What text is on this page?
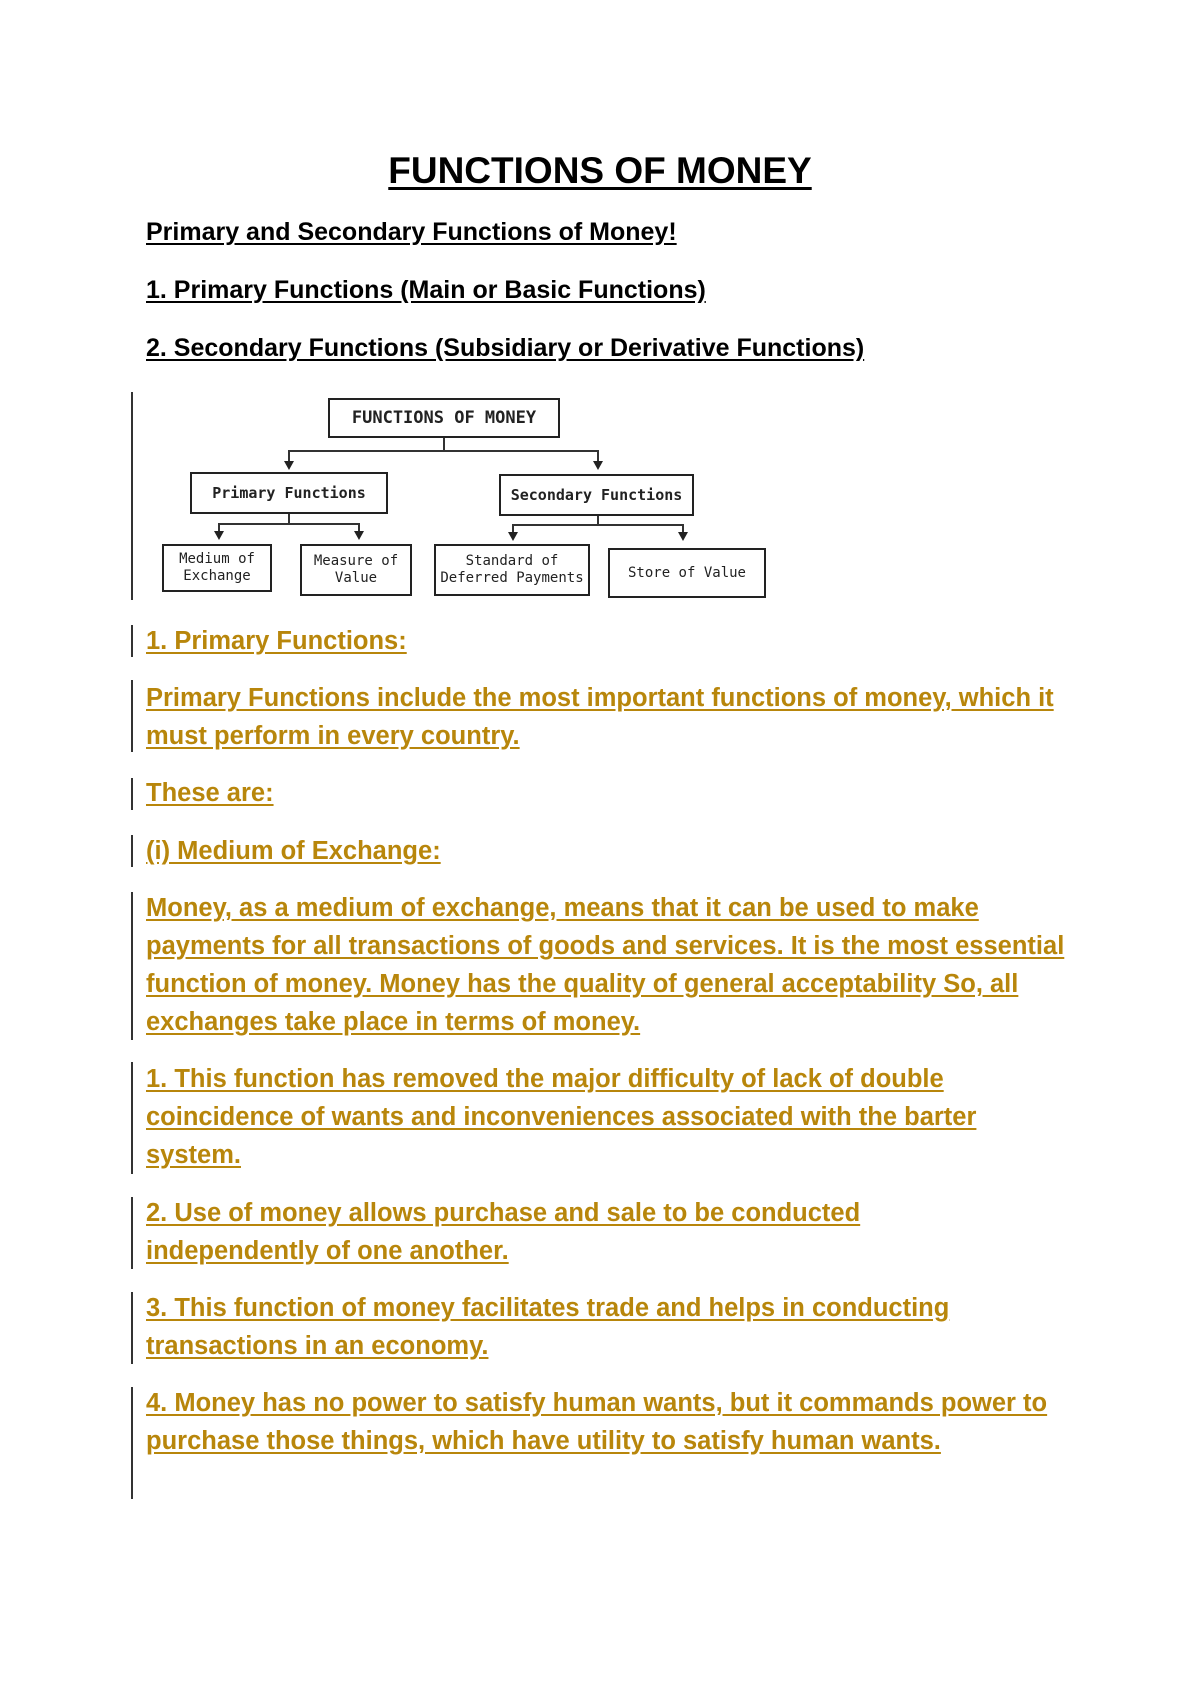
FUNCTIONS OF MONEY
Primary and Secondary Functions of Money!
1. Primary Functions (Main or Basic Functions)
2. Secondary Functions (Subsidiary or Derivative Functions)
FUNCTIONS OF MONEY
Primary Functions	Secondary Functions
Medium of
Exchange
Measure of
Value
Standard of
Deferred Payments	Store of Value
1. Primary Functions:
Primary Functions include the most important functions of money, which it must perform in every country.
These are:
(i) Medium of Exchange:
Money, as a medium of exchange, means that it can be used to make payments for all transactions of goods and services. It is the most essential function of money. Money has the quality of general acceptability So, all exchanges take place in terms of money.
1. This function has removed the major difficulty of lack of double coincidence of wants and inconveniences associated with the barter system.
2. Use of money allows purchase and sale to be conducted independently of one another.
3. This function of money facilitates trade and helps in conducting transactions in an economy.
4. Money has no power to satisfy human wants, but it commands power to purchase those things, which have utility to satisfy human wants.
